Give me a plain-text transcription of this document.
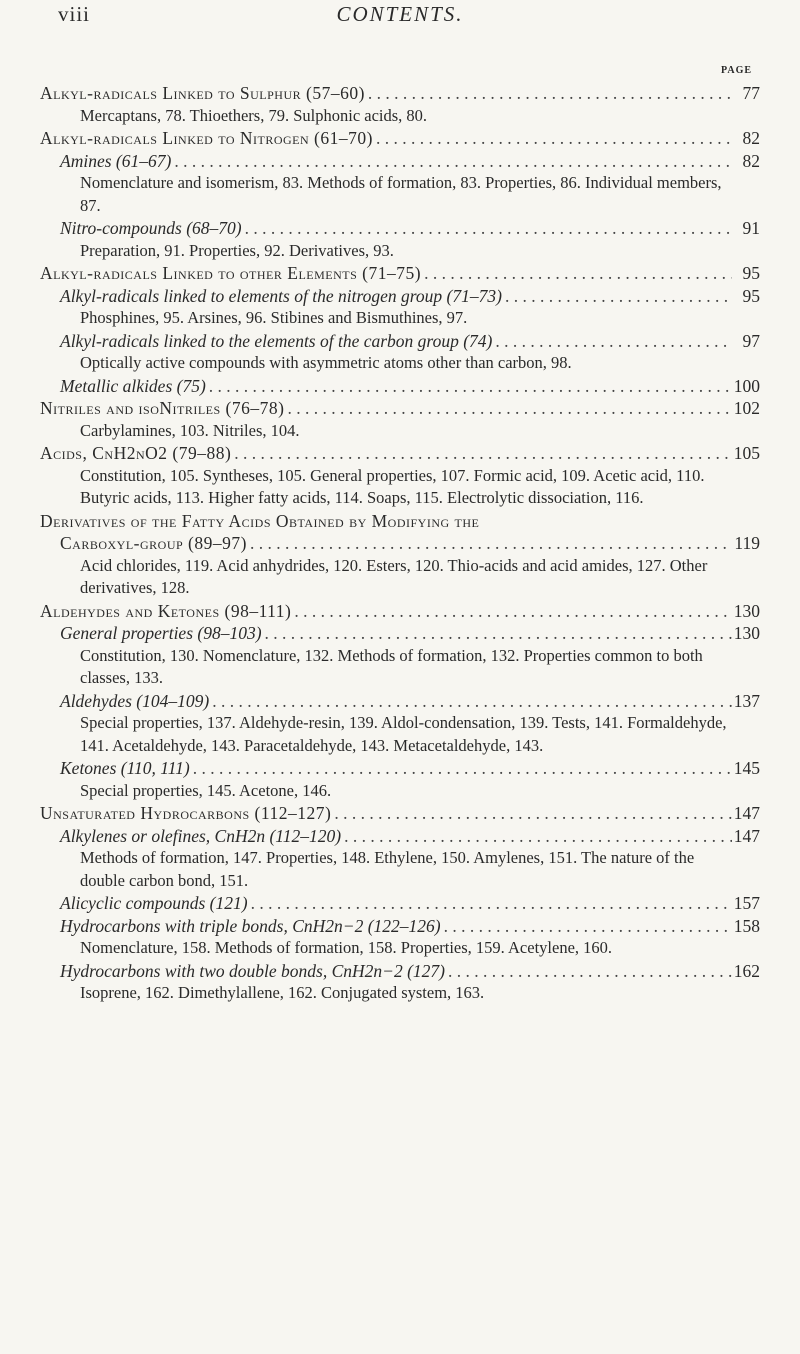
viii	CONTENTS.
PAGE
Alkyl-radicals Linked to Sulphur (57–60) . . .	77
Mercaptans, 78. Thioethers, 79. Sulphonic acids, 80.
Alkyl-radicals Linked to Nitrogen (61–70) . . .	82
Amines (61–67) . . .	82
Nomenclature and isomerism, 83. Methods of formation, 83. Properties, 86. Individual members, 87.
Nitro-compounds (68–70) . . .	91
Preparation, 91. Properties, 92. Derivatives, 93.
Alkyl-radicals Linked to other Elements (71–75) . . .	95
Alkyl-radicals linked to elements of the nitrogen group (71–73) . . .	95
Phosphines, 95. Arsines, 96. Stibines and Bismuthines, 97.
Alkyl-radicals linked to the elements of the carbon group (74) . . .	97
Optically active compounds with asymmetric atoms other than carbon, 98.
Metallic alkides (75) . . .	100
Nitriles and isoNitriles (76–78) . . .	102
Carbylamines, 103. Nitriles, 104.
Acids, CnH2nO2 (79–88) . . .	105
Constitution, 105. Syntheses, 105. General properties, 107. Formic acid, 109. Acetic acid, 110. Butyric acids, 113. Higher fatty acids, 114. Soaps, 115. Electrolytic dissociation, 116.
Derivatives of the Fatty Acids Obtained by Modifying the
Carboxyl-group (89–97) . . .	119
Acid chlorides, 119. Acid anhydrides, 120. Esters, 120. Thio-acids and acid amides, 127. Other derivatives, 128.
Aldehydes and Ketones (98–111) . . .	130
General properties (98–103) . . .	130
Constitution, 130. Nomenclature, 132. Methods of formation, 132. Properties common to both classes, 133.
Aldehydes (104–109) . . .	137
Special properties, 137. Aldehyde-resin, 139. Aldol-condensation, 139. Tests, 141. Formaldehyde, 141. Acetaldehyde, 143. Paracetaldehyde, 143. Metacetaldehyde, 143.
Ketones (110, 111) . . .	145
Special properties, 145. Acetone, 146.
Unsaturated Hydrocarbons (112–127) . . .	147
Alkylenes or olefines, CnH2n (112–120) . . .	147
Methods of formation, 147. Properties, 148. Ethylene, 150. Amylenes, 151. The nature of the double carbon bond, 151.
Alicyclic compounds (121) . . .	157
Hydrocarbons with triple bonds, CnH2n−2 (122–126) . . .	158
Nomenclature, 158. Methods of formation, 158. Properties, 159. Acetylene, 160.
Hydrocarbons with two double bonds, CnH2n−2 (127) . . .	162
Isoprene, 162. Dimethylallene, 162. Conjugated system, 163.
